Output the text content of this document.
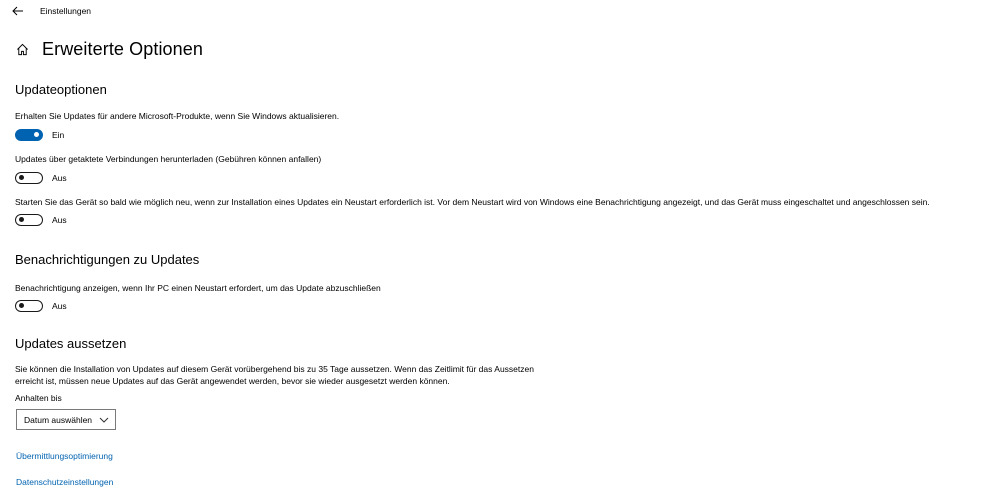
Einstellungen
Erweiterte Optionen
Updateoptionen
Erhalten Sie Updates für andere Microsoft-Produkte, wenn Sie Windows aktualisieren.
Ein
Updates über getaktete Verbindungen herunterladen (Gebühren können anfallen)
Aus
Starten Sie das Gerät so bald wie möglich neu, wenn zur Installation eines Updates ein Neustart erforderlich ist. Vor dem Neustart wird von Windows eine Benachrichtigung angezeigt, und das Gerät muss eingeschaltet und angeschlossen sein.
Aus
Benachrichtigungen zu Updates
Benachrichtigung anzeigen, wenn Ihr PC einen Neustart erfordert, um das Update abzuschließen
Aus
Updates aussetzen
Sie können die Installation von Updates auf diesem Gerät vorübergehend bis zu 35 Tage aussetzen. Wenn das Zeitlimit für das Aussetzen erreicht ist, müssen neue Updates auf das Gerät angewendet werden, bevor sie wieder ausgesetzt werden können.
Anhalten bis
Datum auswählen
Übermittlungsoptimierung
Datenschutzeinstellungen
